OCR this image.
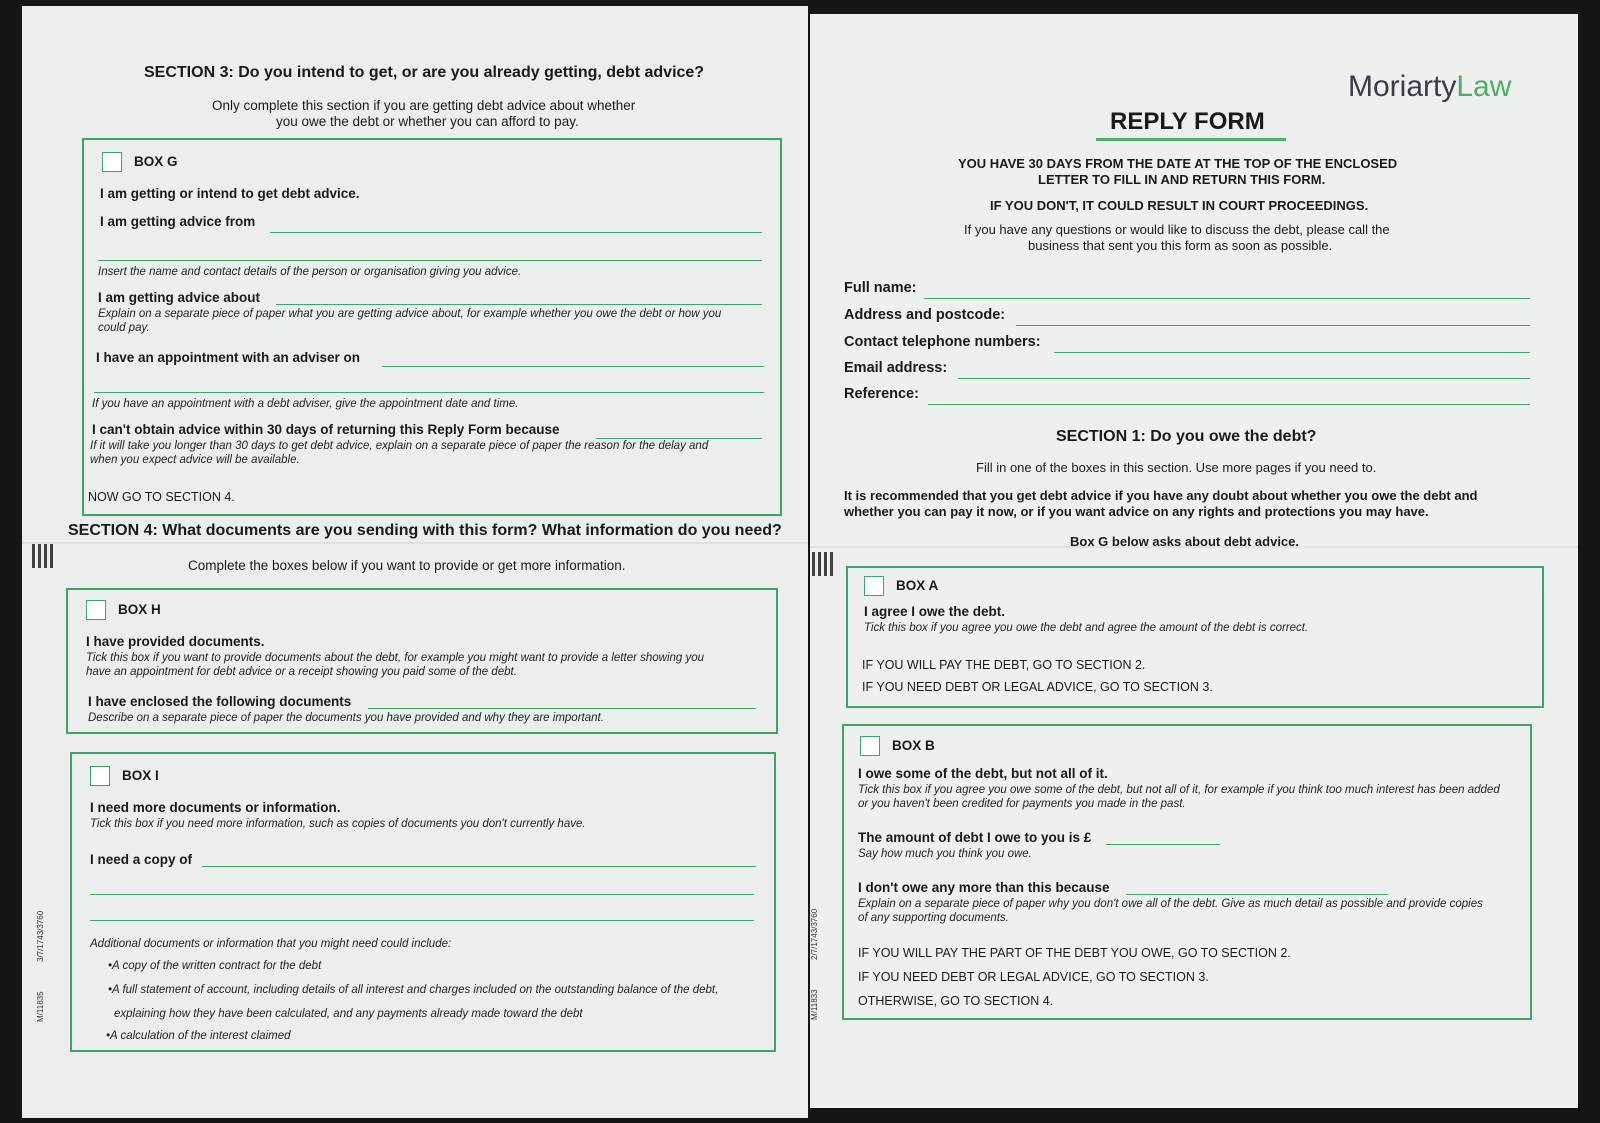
SECTION 3: Do you intend to get, or are you already getting, debt advice?
Only complete this section if you are getting debt advice about whether
you owe the debt or whether you can afford to pay.
BOX G
I am getting or intend to get debt advice.
I am getting advice from
Insert the name and contact details of the person or organisation giving you advice.
I am getting advice about
Explain on a separate piece of paper what you are getting advice about, for example whether you owe the debt or how you
could pay.
I have an appointment with an adviser on
If you have an appointment with a debt adviser, give the appointment date and time.
I can't obtain advice within 30 days of returning this Reply Form because
If it will take you longer than 30 days to get debt advice, explain on a separate piece of paper the reason for the delay and
when you expect advice will be available.
NOW GO TO SECTION 4.
SECTION 4: What documents are you sending with this form? What information do you need?
Complete the boxes below if you want to provide or get more information.
BOX H
I have provided documents.
Tick this box if you want to provide documents about the debt, for example you might want to provide a letter showing you
have an appointment for debt advice or a receipt showing you paid some of the debt.
I have enclosed the following documents
Describe on a separate piece of paper the documents you have provided and why they are important.
BOX I
I need more documents or information.
Tick this box if you need more information, such as copies of documents you don't currently have.
I need a copy of
Additional documents or information that you might need could include:
•A copy of the written contract for the debt
•A full statement of account, including details of all interest and charges included on the outstanding balance of the debt,
explaining how they have been calculated, and any payments already made toward the debt
•A calculation of the interest claimed
M/11835
3/7/1743/3760
MoriartyLaw
REPLY FORM
YOU HAVE 30 DAYS FROM THE DATE AT THE TOP OF THE ENCLOSED
LETTER TO FILL IN AND RETURN THIS FORM.
IF YOU DON'T, IT COULD RESULT IN COURT PROCEEDINGS.
If you have any questions or would like to discuss the debt, please call the
business that sent you this form as soon as possible.
Full name:
Address and postcode:
Contact telephone numbers:
Email address:
Reference:
SECTION 1: Do you owe the debt?
Fill in one of the boxes in this section. Use more pages if you need to.
It is recommended that you get debt advice if you have any doubt about whether you owe the debt and
whether you can pay it now, or if you want advice on any rights and protections you may have.
Box G below asks about debt advice.
BOX A
I agree I owe the debt.
Tick this box if you agree you owe the debt and agree the amount of the debt is correct.
IF YOU WILL PAY THE DEBT, GO TO SECTION 2.
IF YOU NEED DEBT OR LEGAL ADVICE, GO TO SECTION 3.
BOX B
I owe some of the debt, but not all of it.
Tick this box if you agree you owe some of the debt, but not all of it, for example if you think too much interest has been added
or you haven't been credited for payments you made in the past.
The amount of debt I owe to you is £
Say how much you think you owe.
I don't owe any more than this because
Explain on a separate piece of paper why you don't owe all of the debt. Give as much detail as possible and provide copies
of any supporting documents.
IF YOU WILL PAY THE PART OF THE DEBT YOU OWE, GO TO SECTION 2.
IF YOU NEED DEBT OR LEGAL ADVICE, GO TO SECTION 3.
OTHERWISE, GO TO SECTION 4.
M/11833
2/7/1743/3760
